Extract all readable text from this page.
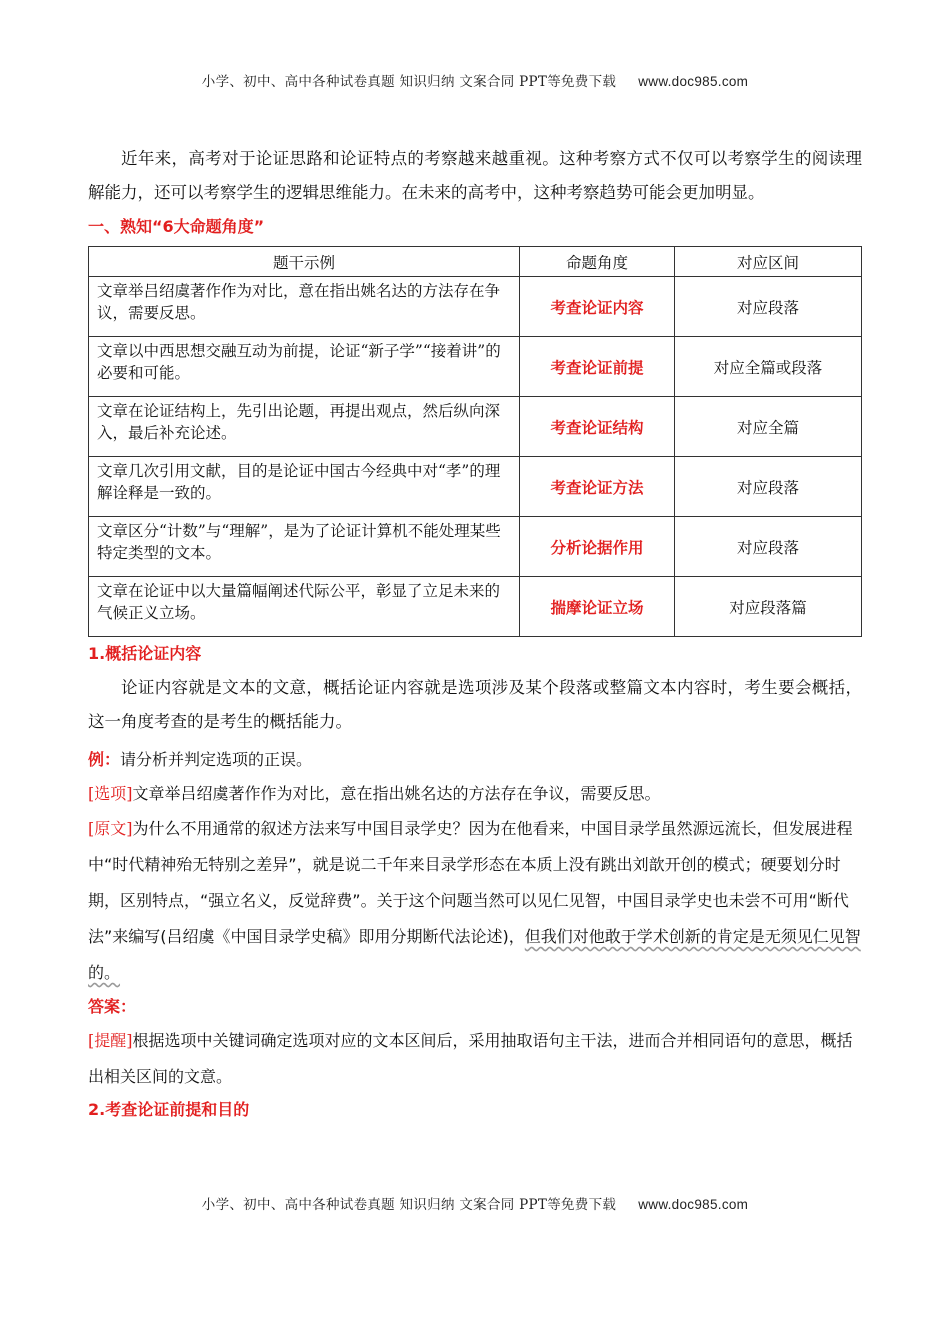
小学、初中、高中各种试卷真题 知识归纳 文案合同 PPT等免费下载 www.doc985.com

近年来，高考对于论证思路和论证特点的考察越来越重视。这种考察方式不仅可以考察学生的阅读理解能力，还可以考察学生的逻辑思维能力。在未来的高考中，这种考察趋势可能会更加明显。

一、熟知“6大命题角度”

题干示例	命题角度	对应区间
文章举吕绍虞著作作为对比，意在指出姚名达的方法存在争议，需要反思。	考查论证内容	对应段落
文章以中西思想交融互动为前提，论证“新子学”“接着讲”的必要和可能。	考查论证前提	对应全篇或段落
文章在论证结构上，先引出论题，再提出观点，然后纵向深入，最后补充论述。	考查论证结构	对应全篇
文章几次引用文献，目的是论证中国古今经典中对“孝”的理解诠释是一致的。	考查论证方法	对应段落
文章区分“计数”与“理解”，是为了论证计算机不能处理某些特定类型的文本。	分析论据作用	对应段落
文章在论证中以大量篇幅阐述代际公平，彰显了立足未来的气候正义立场。	揣摩论证立场	对应段落篇

1.概括论证内容

论证内容就是文本的文意，概括论证内容就是选项涉及某个段落或整篇文本内容时，考生要会概括，这一角度考查的是考生的概括能力。

例：请分析并判定选项的正误。

[选项]文章举吕绍虞著作作为对比，意在指出姚名达的方法存在争议，需要反思。

[原文]为什么不用通常的叙述方法来写中国目录学史？因为在他看来，中国目录学虽然源远流长，但发展进程中“时代精神殆无特别之差异”，就是说二千年来目录学形态在本质上没有跳出刘歆开创的模式；硬要划分时期，区别特点，“强立名义，反觉辞费”。关于这个问题当然可以见仁见智，中国目录学史也未尝不可用“断代法”来编写(吕绍虞《中国目录学史稿》即用分期断代法论述)，但我们对他敢于学术创新的肯定是无须见仁见智的。

答案：

[提醒]根据选项中关键词确定选项对应的文本区间后，采用抽取语句主干法，进而合并相同语句的意思，概括出相关区间的文意。

2.考查论证前提和目的

小学、初中、高中各种试卷真题 知识归纳 文案合同 PPT等免费下载 www.doc985.com
